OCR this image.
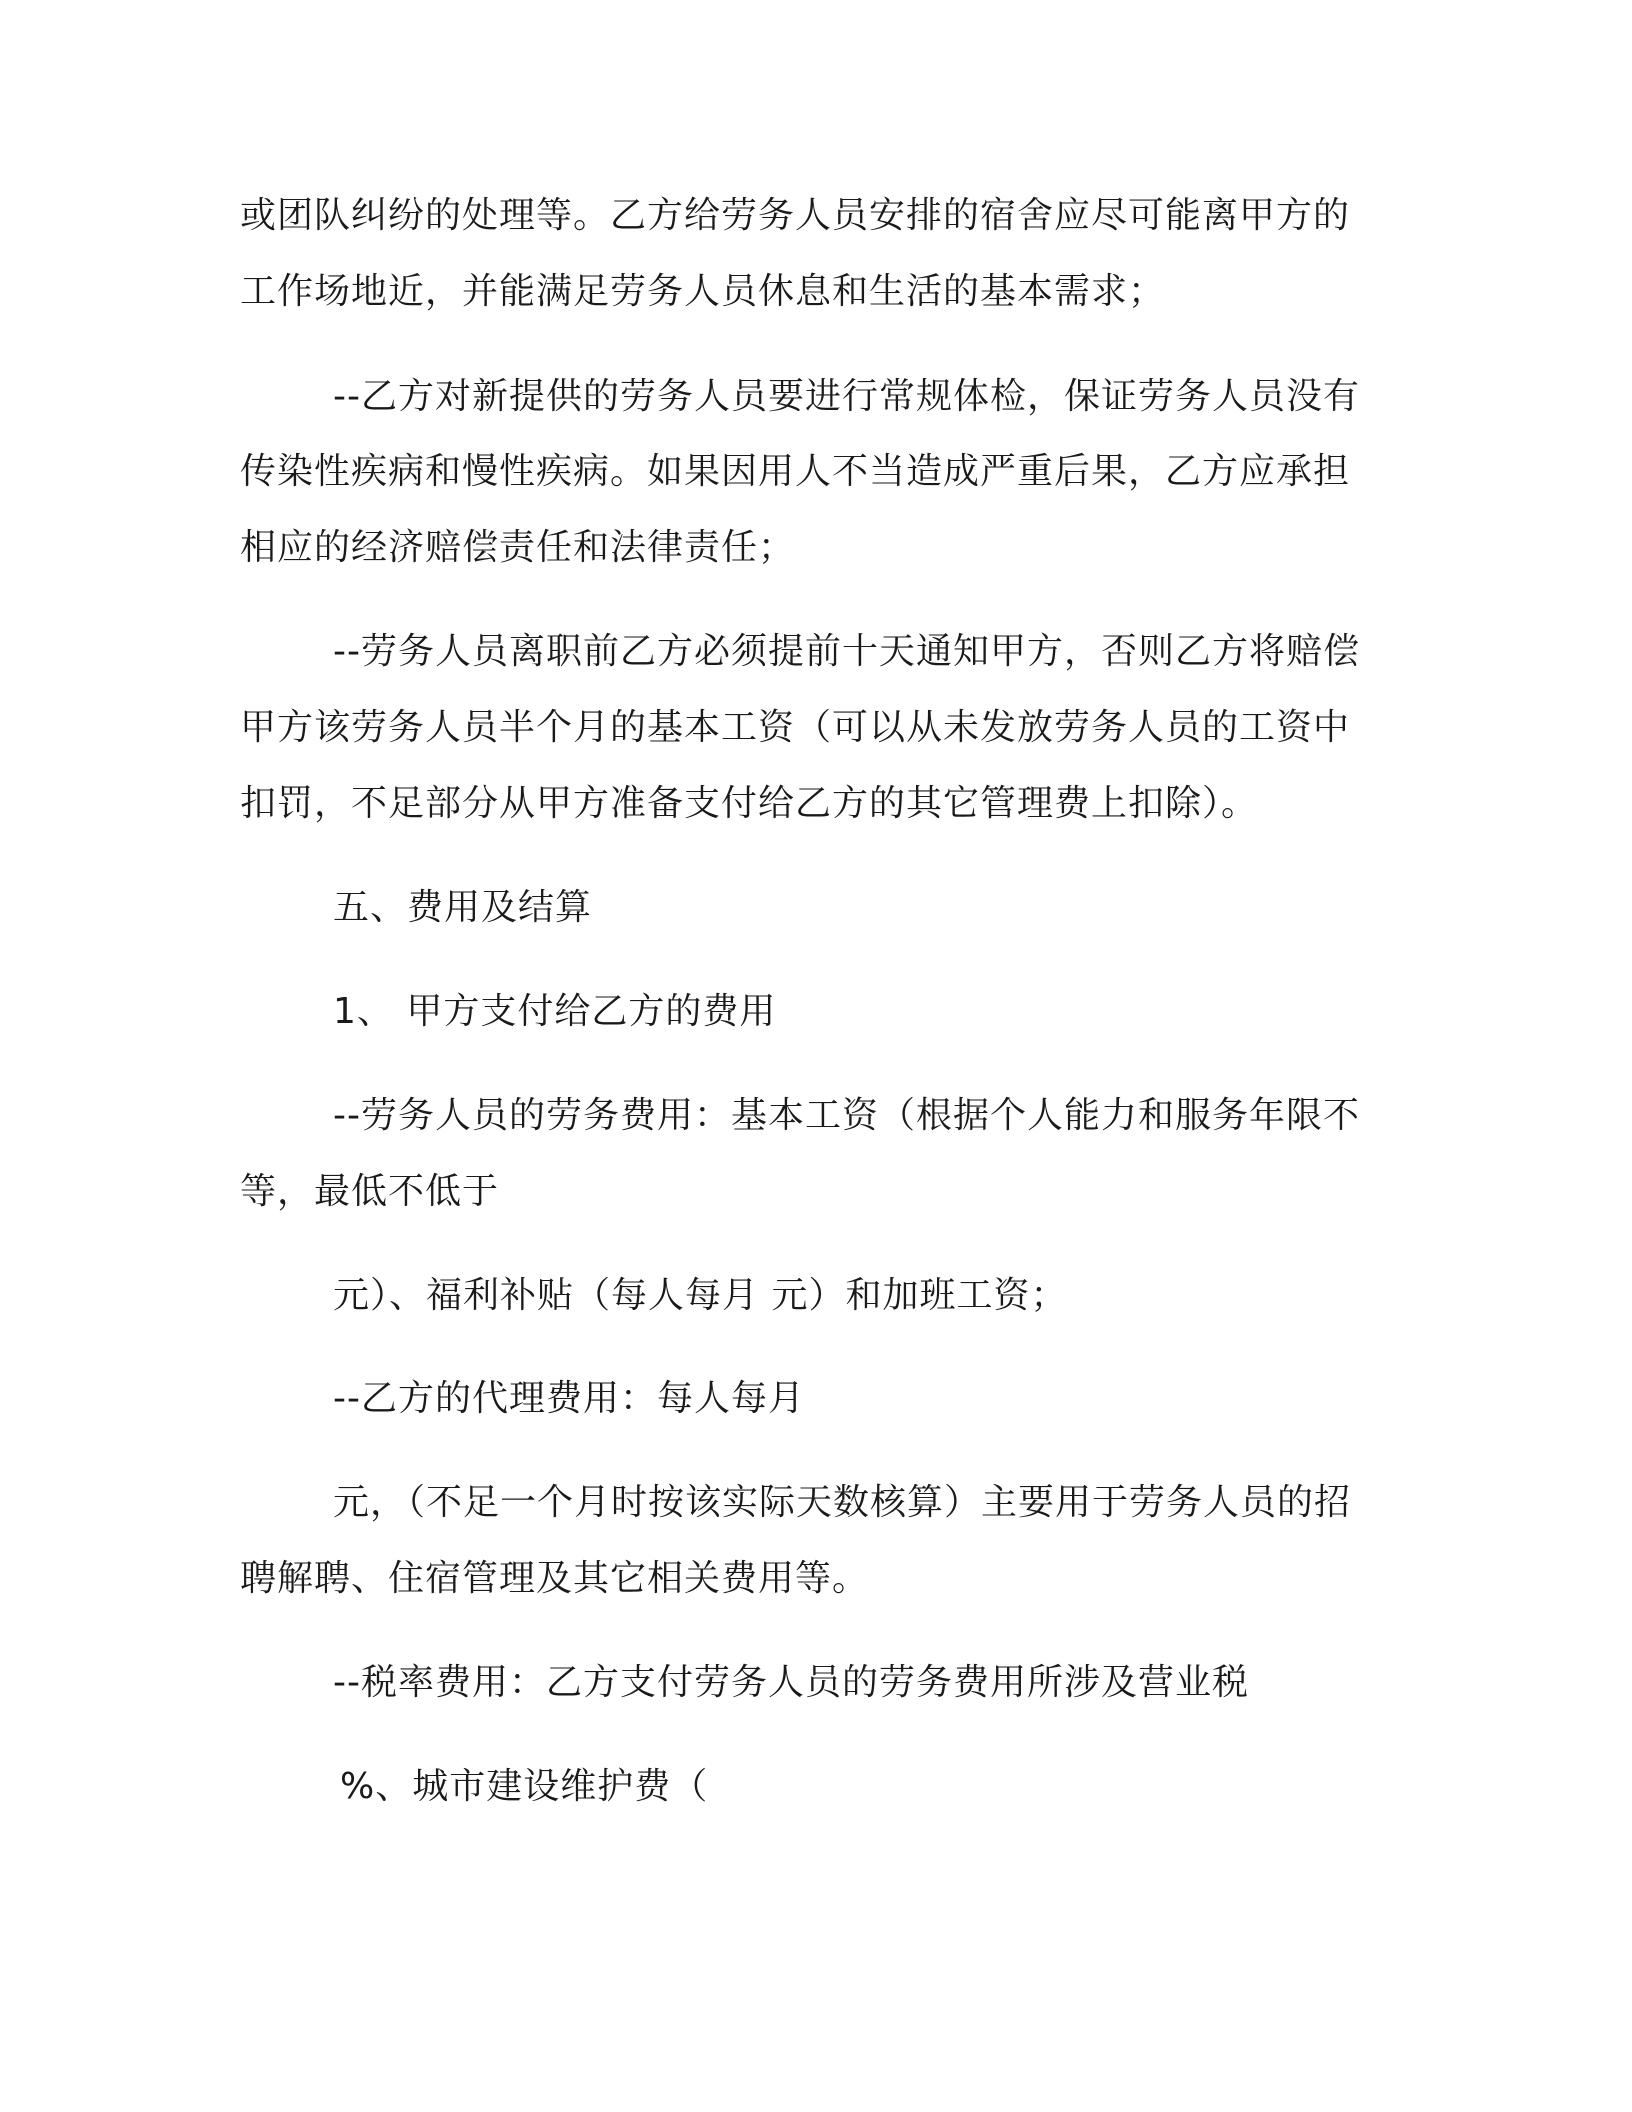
或团队纠纷的处理等。乙方给劳务人员安排的宿舍应尽可能离甲方的
工作场地近，并能满足劳务人员休息和生活的基本需求；
--乙方对新提供的劳务人员要进行常规体检，保证劳务人员没有
传染性疾病和慢性疾病。如果因用人不当造成严重后果，乙方应承担
相应的经济赔偿责任和法律责任；
--劳务人员离职前乙方必须提前十天通知甲方，否则乙方将赔偿
甲方该劳务人员半个月的基本工资（可以从未发放劳务人员的工资中
扣罚，不足部分从甲方准备支付给乙方的其它管理费上扣除）。
五、费用及结算
1、 甲方支付给乙方的费用
--劳务人员的劳务费用：基本工资（根据个人能力和服务年限不
等，最低不低于
元）、福利补贴（每人每月 元）和加班工资；
--乙方的代理费用：每人每月
元，（不足一个月时按该实际天数核算）主要用于劳务人员的招
聘解聘、住宿管理及其它相关费用等。
--税率费用：乙方支付劳务人员的劳务费用所涉及营业税
%、城市建设维护费（
